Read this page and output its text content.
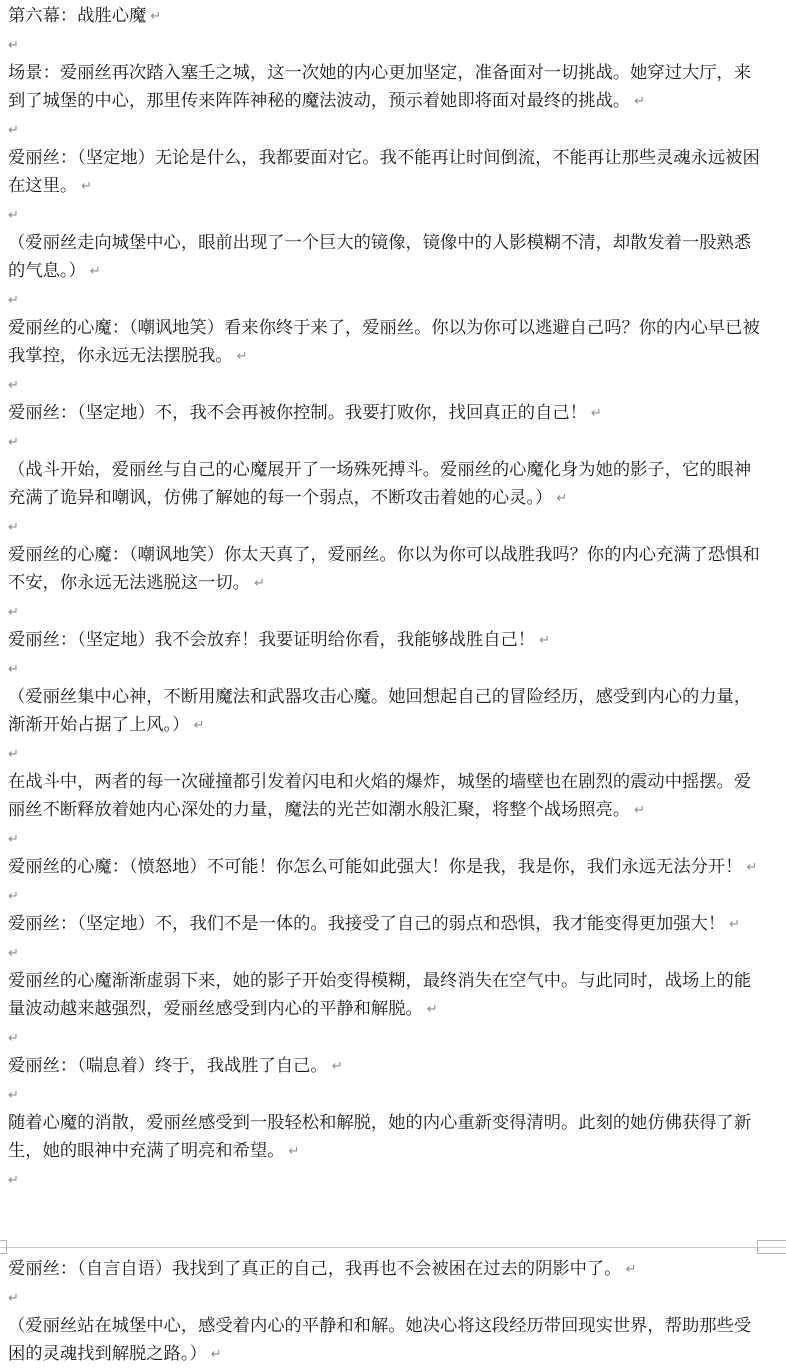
第六幕：战胜心魔 ↵

↵

场景：爱丽丝再次踏入塞壬之城，这一次她的内心更加坚定，准备面对一切挑战。她穿过大厅，来到了城堡的中心，那里传来阵阵神秘的魔法波动，预示着她即将面对最终的挑战。 ↵

↵

爱丽丝：（坚定地）无论是什么，我都要面对它。我不能再让时间倒流，不能再让那些灵魂永远被困在这里。 ↵

↵

（爱丽丝走向城堡中心，眼前出现了一个巨大的镜像，镜像中的人影模糊不清，却散发着一股熟悉的气息。） ↵

↵

爱丽丝的心魔：（嘲讽地笑）看来你终于来了，爱丽丝。你以为你可以逃避自己吗？你的内心早已被我掌控，你永远无法摆脱我。 ↵

↵

爱丽丝：（坚定地）不，我不会再被你控制。我要打败你，找回真正的自己！ ↵

↵

（战斗开始，爱丽丝与自己的心魔展开了一场殊死搏斗。爱丽丝的心魔化身为她的影子，它的眼神充满了诡异和嘲讽，仿佛了解她的每一个弱点，不断攻击着她的心灵。） ↵

↵

爱丽丝的心魔：（嘲讽地笑）你太天真了，爱丽丝。你以为你可以战胜我吗？你的内心充满了恐惧和不安，你永远无法逃脱这一切。 ↵

↵

爱丽丝：（坚定地）我不会放弃！我要证明给你看，我能够战胜自己！ ↵

↵

（爱丽丝集中心神，不断用魔法和武器攻击心魔。她回想起自己的冒险经历，感受到内心的力量，渐渐开始占据了上风。） ↵

↵

在战斗中，两者的每一次碰撞都引发着闪电和火焰的爆炸，城堡的墙壁也在剧烈的震动中摇摆。爱丽丝不断释放着她内心深处的力量，魔法的光芒如潮水般汇聚，将整个战场照亮。 ↵

↵

爱丽丝的心魔：（愤怒地）不可能！你怎么可能如此强大！你是我，我是你，我们永远无法分开！ ↵

↵

爱丽丝：（坚定地）不，我们不是一体的。我接受了自己的弱点和恐惧，我才能变得更加强大！ ↵

↵

爱丽丝的心魔渐渐虚弱下来，她的影子开始变得模糊，最终消失在空气中。与此同时，战场上的能量波动越来越强烈，爱丽丝感受到内心的平静和解脱。 ↵

↵

爱丽丝：（喘息着）终于，我战胜了自己。 ↵

↵

随着心魔的消散，爱丽丝感受到一股轻松和解脱，她的内心重新变得清明。此刻的她仿佛获得了新生，她的眼神中充满了明亮和希望。 ↵

↵

爱丽丝：（自言自语）我找到了真正的自己，我再也不会被困在过去的阴影中了。 ↵

↵

（爱丽丝站在城堡中心，感受着内心的平静和和解。她决心将这段经历带回现实世界，帮助那些受困的灵魂找到解脱之路。） ↵
